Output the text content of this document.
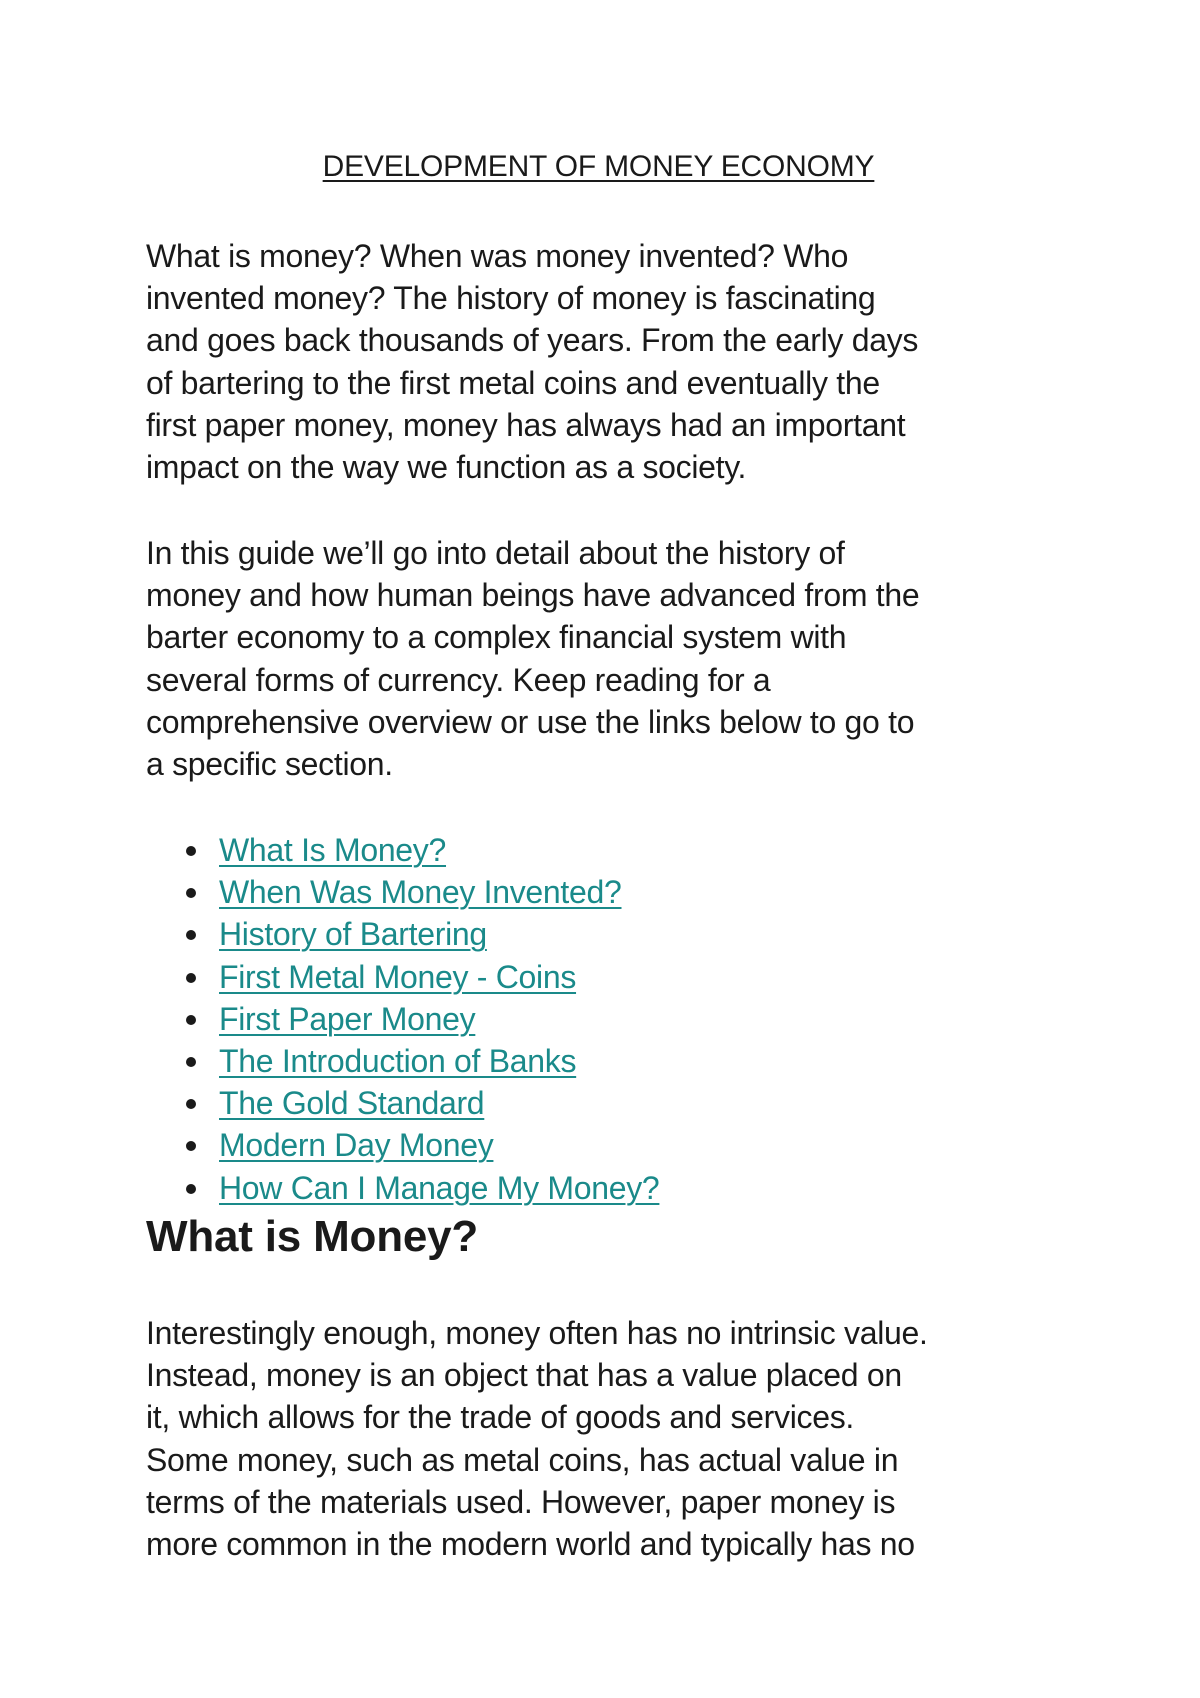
DEVELOPMENT OF MONEY ECONOMY

What is money? When was money invented? Who
invented money? The history of money is fascinating
and goes back thousands of years. From the early days
of bartering to the first metal coins and eventually the
first paper money, money has always had an important
impact on the way we function as a society.

In this guide we’ll go into detail about the history of
money and how human beings have advanced from the
barter economy to a complex financial system with
several forms of currency. Keep reading for a
comprehensive overview or use the links below to go to
a specific section.

What Is Money?
When Was Money Invented?
History of Bartering
First Metal Money - Coins
First Paper Money
The Introduction of Banks
The Gold Standard
Modern Day Money
How Can I Manage My Money?
What is Money?

Interestingly enough, money often has no intrinsic value.
Instead, money is an object that has a value placed on
it, which allows for the trade of goods and services.
Some money, such as metal coins, has actual value in
terms of the materials used. However, paper money is
more common in the modern world and typically has no
